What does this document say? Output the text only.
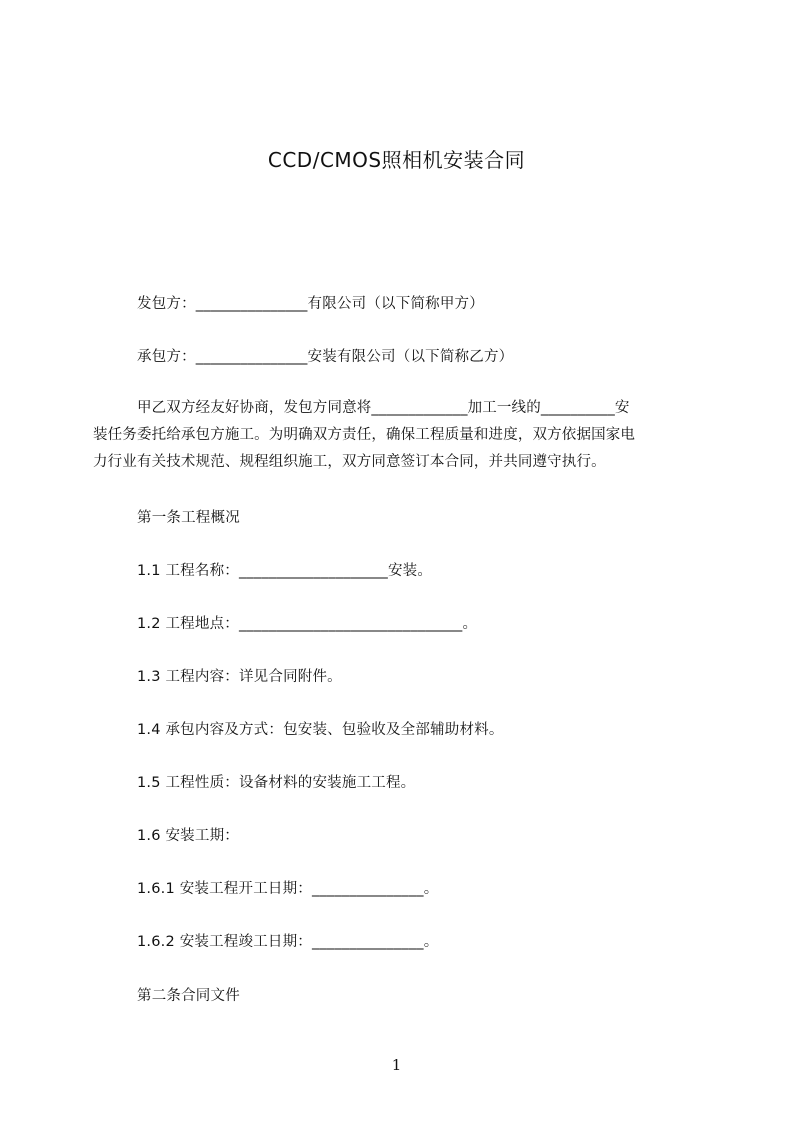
CCD/CMOS照相机安装合同
发包方：_______________有限公司（以下简称甲方）
承包方：_______________安装有限公司（以下简称乙方）

甲乙双方经友好协商，发包方同意将_____________加工一线的__________安

装任务委托给承包方施工。为明确双方责任，确保工程质量和进度，双方依据国家电

力行业有关技术规范、规程组织施工，双方同意签订本合同，并共同遵守执行。

第一条工程概况
1.1 工程名称：____________________安装。
1.2 工程地点：______________________________。
1.3 工程内容：详见合同附件。
1.4 承包内容及方式：包安装、包验收及全部辅助材料。
1.5 工程性质：设备材料的安装施工工程。
1.6 安装工期：
1.6.1 安装工程开工日期：_______________。
1.6.2 安装工程竣工日期：_______________。
第二条合同文件
1
